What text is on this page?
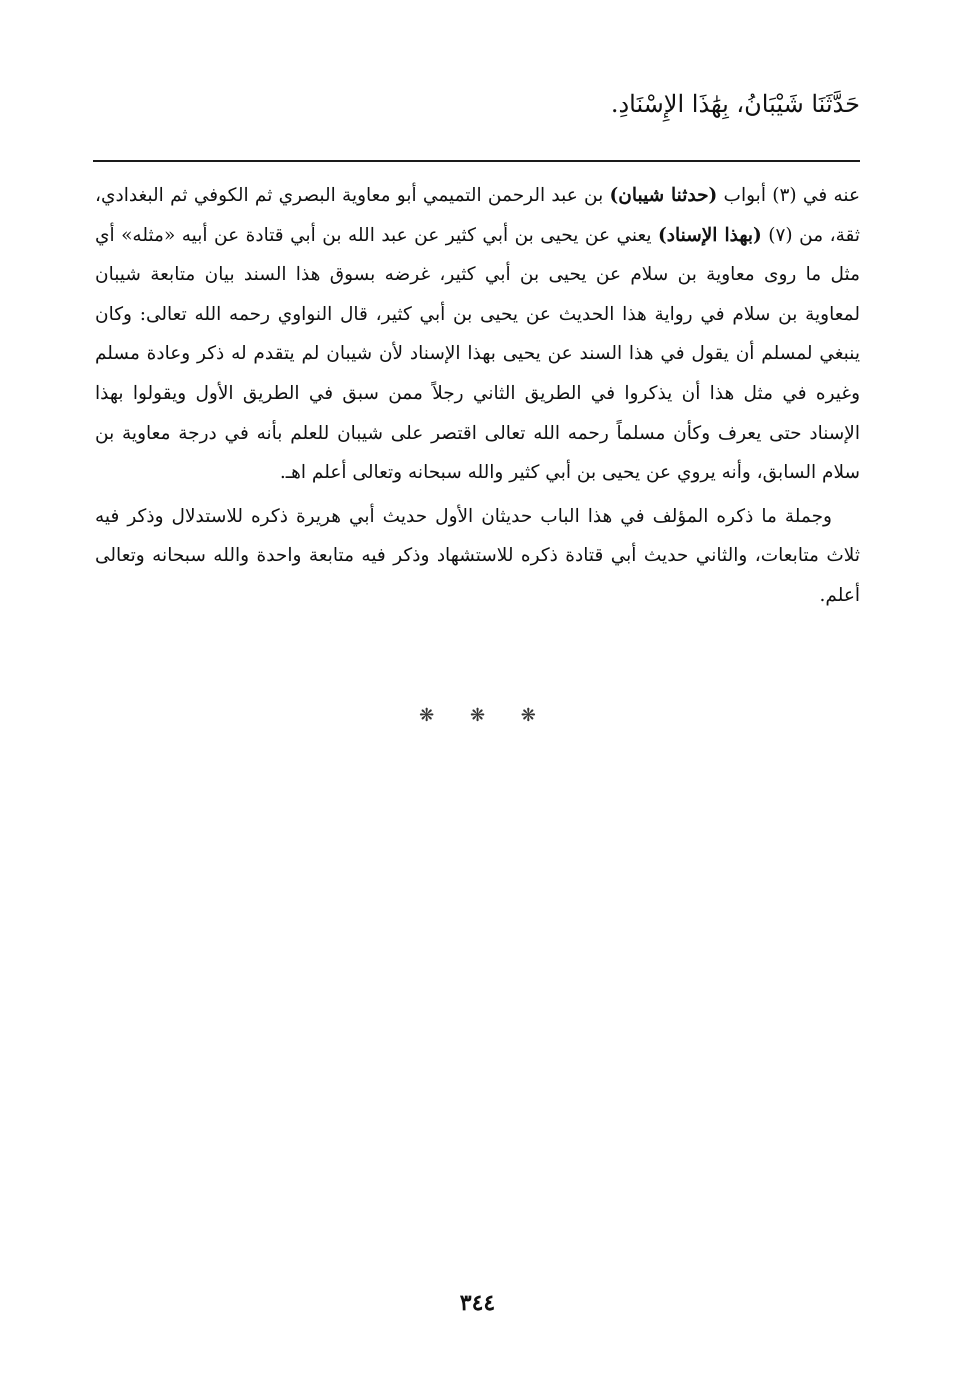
حَدَّثَنَا شَيْبَانُ، بِهَٰذَا الإِسْنَادِ.

عنه في (٣) أبواب (حدثنا شيبان) بن عبد الرحمن التميمي أبو معاوية البصري ثم الكوفي ثم البغدادي، ثقة، من (٧) (بهذا الإسناد) يعني عن يحيى بن أبي كثير عن عبد الله بن أبي قتادة عن أبيه «مثله» أي مثل ما روى معاوية بن سلام عن يحيى بن أبي كثير، غرضه بسوق هذا السند بيان متابعة شيبان لمعاوية بن سلام في رواية هذا الحديث عن يحيى بن أبي كثير، قال النواوي رحمه الله تعالى: وكان ينبغي لمسلم أن يقول في هذا السند عن يحيى بهذا الإسناد لأن شيبان لم يتقدم له ذكر وعادة مسلم وغيره في مثل هذا أن يذكروا في الطريق الثاني رجلاً ممن سبق في الطريق الأول ويقولوا بهذا الإسناد حتى يعرف وكأن مسلماً رحمه الله تعالى اقتصر على شيبان للعلم بأنه في درجة معاوية بن سلام السابق، وأنه يروي عن يحيى بن أبي كثير والله سبحانه وتعالى أعلم اهـ.

وجملة ما ذكره المؤلف في هذا الباب حديثان الأول حديث أبي هريرة ذكره للاستدلال وذكر فيه ثلاث متابعات، والثاني حديث أبي قتادة ذكره للاستشهاد وذكر فيه متابعة واحدة والله سبحانه وتعالى أعلم.

❋ ❋ ❋
٣٤٤
